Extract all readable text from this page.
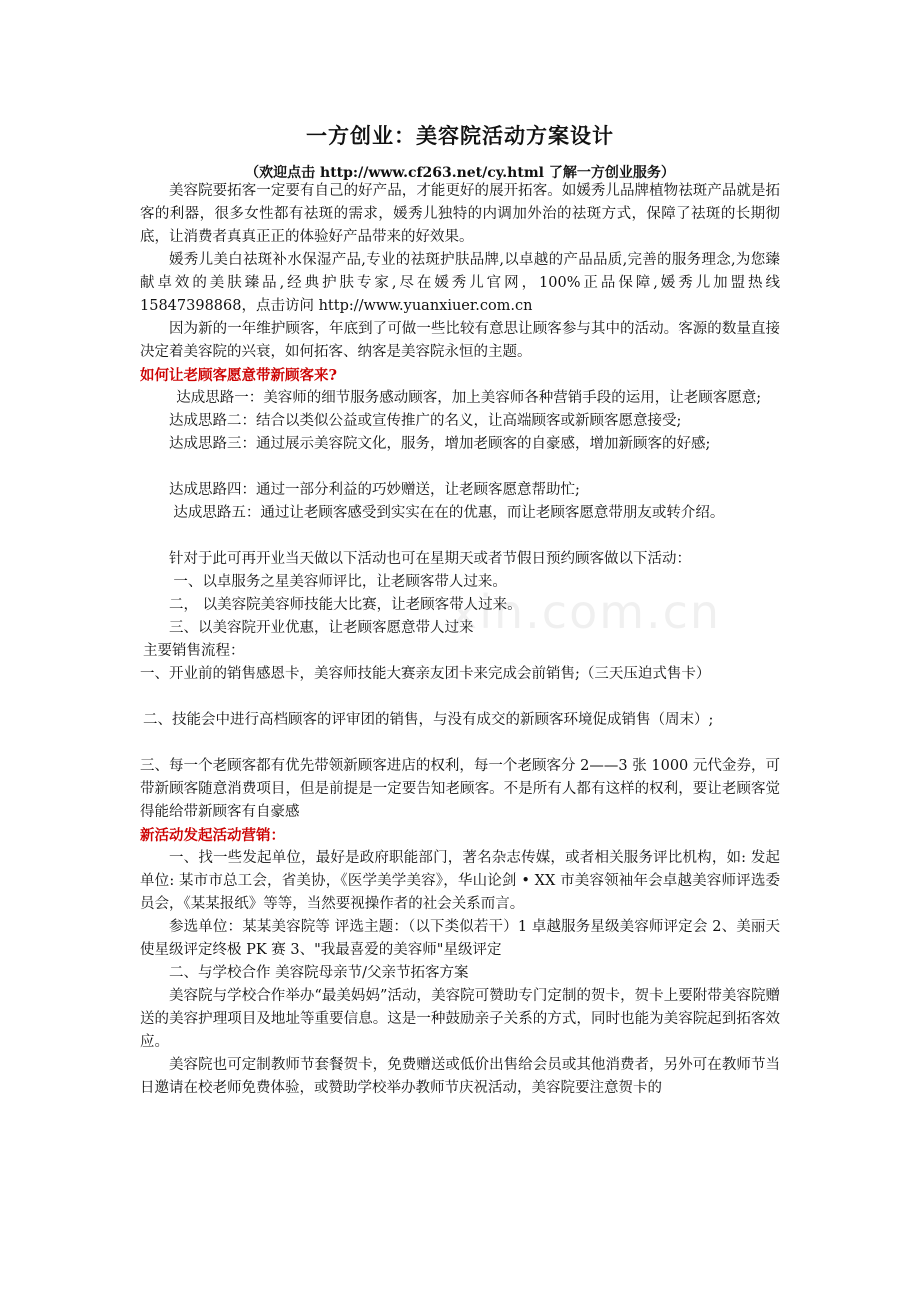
一方创业：美容院活动方案设计
（欢迎点击 http://www.cf263.net/cy.html 了解一方创业服务）

美容院要拓客一定要有自己的好产品，才能更好的展开拓客。如媛秀儿品牌植物祛斑产品就是拓客的利器，很多女性都有祛斑的需求，媛秀儿独特的内调加外治的祛斑方式，保障了祛斑的长期彻底，让消费者真真正正的体验好产品带来的好效果。

媛秀儿美白祛斑补水保湿产品,专业的祛斑护肤品牌,以卓越的产品品质,完善的服务理念,为您臻献卓效的美肤臻品,经典护肤专家,尽在媛秀儿官网，100%正品保障,媛秀儿加盟热线 15847398868，点击访问 http://www.yuanxiuer.com.cn

因为新的一年维护顾客，年底到了可做一些比较有意思让顾客参与其中的活动。客源的数量直接决定着美容院的兴衰，如何拓客、纳客是美容院永恒的主题。

如何让老顾客愿意带新顾客来?

达成思路一：美容师的细节服务感动顾客，加上美容师各种营销手段的运用，让老顾客愿意;

达成思路二：结合以类似公益或宣传推广的名义，让高端顾客或新顾客愿意接受;

达成思路三：通过展示美容院文化，服务，增加老顾客的自豪感，增加新顾客的好感;

达成思路四：通过一部分利益的巧妙赠送，让老顾客愿意帮助忙;

达成思路五：通过让老顾客感受到实实在在的优惠，而让老顾客愿意带朋友或转介绍。

针对于此可再开业当天做以下活动也可在星期天或者节假日预约顾客做以下活动：

一、以卓服务之星美容师评比，让老顾客带人过来。

二， 以美容院美容师技能大比赛，让老顾客带人过来。

三、以美容院开业优惠，让老顾客愿意带人过来

主要销售流程：

一、开业前的销售感恩卡，美容师技能大赛亲友团卡来完成会前销售;（三天压迫式售卡）

二、技能会中进行高档顾客的评审团的销售，与没有成交的新顾客环境促成销售（周末）;

三、每一个老顾客都有优先带领新顾客进店的权利，每一个老顾客分 2——3 张 1000 元代金券，可带新顾客随意消费项目，但是前提是一定要告知老顾客。不是所有人都有这样的权利，要让老顾客觉得能给带新顾客有自豪感

新活动发起活动营销：

一、找一些发起单位，最好是政府职能部门，著名杂志传媒，或者相关服务评比机构，如: 发起单位: 某市市总工会，省美协，《医学美学美容》，华山论剑 • XX 市美容领袖年会卓越美容师评选委员会，《某某报纸》等等，当然要视操作者的社会关系而言。

参选单位：某某美容院等 评选主题：（以下类似若干）1 卓越服务星级美容师评定会 2、美丽天使星级评定终极 PK 赛 3、"我最喜爱的美容师"星级评定

二、与学校合作 美容院母亲节/父亲节拓客方案

美容院与学校合作举办“最美妈妈”活动，美容院可赞助专门定制的贺卡，贺卡上要附带美容院赠送的美容护理项目及地址等重要信息。这是一种鼓励亲子关系的方式，同时也能为美容院起到拓客效应。

美容院也可定制教师节套餐贺卡，免费赠送或低价出售给会员或其他消费者，另外可在教师节当日邀请在校老师免费体验，或赞助学校举办教师节庆祝活动，美容院要注意贺卡的

xin.com.cn
